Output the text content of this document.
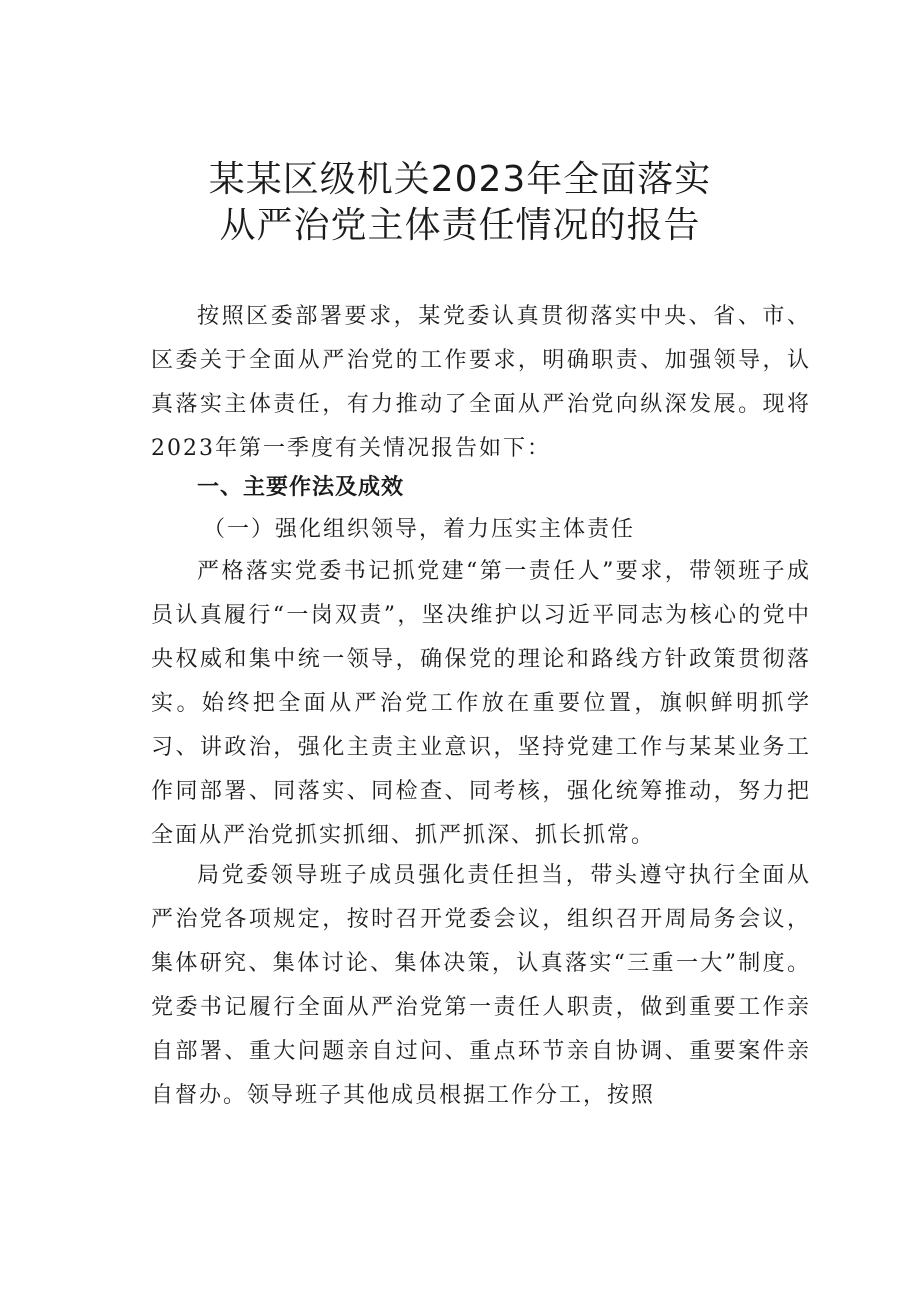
某某区级机关2023年全面落实
从严治党主体责任情况的报告

按照区委部署要求，某党委认真贯彻落实中央、省、市、区委关于全面从严治党的工作要求，明确职责、加强领导，认真落实主体责任，有力推动了全面从严治党向纵深发展。现将2023年第一季度有关情况报告如下：

一、主要作法及成效
（一）强化组织领导，着力压实主体责任

严格落实党委书记抓党建“第一责任人”要求，带领班子成员认真履行“一岗双责”，坚决维护以习近平同志为核心的党中央权威和集中统一领导，确保党的理论和路线方针政策贯彻落实。始终把全面从严治党工作放在重要位置，旗帜鲜明抓学习、讲政治，强化主责主业意识，坚持党建工作与某某业务工作同部署、同落实、同检查、同考核，强化统筹推动，努力把全面从严治党抓实抓细、抓严抓深、抓长抓常。

局党委领导班子成员强化责任担当，带头遵守执行全面从严治党各项规定，按时召开党委会议，组织召开周局务会议，集体研究、集体讨论、集体决策，认真落实“三重一大”制度。党委书记履行全面从严治党第一责任人职责，做到重要工作亲自部署、重大问题亲自过问、重点环节亲自协调、重要案件亲自督办。领导班子其他成员根据工作分工，按照
